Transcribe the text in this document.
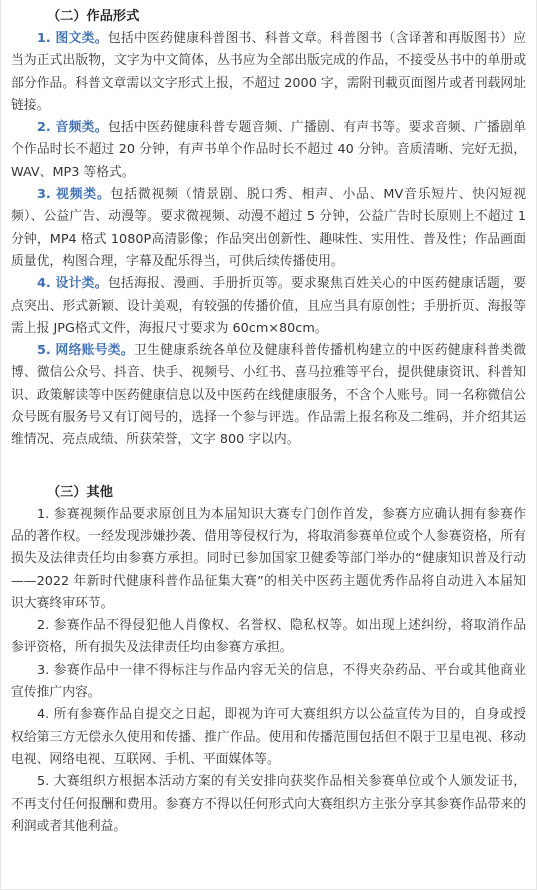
（二）作品形式

1. 图文类。包括中医药健康科普图书、科普文章。科普图书（含译著和再版图书）应当为正式出版物，文字为中文简体，丛书应为全部出版完成的作品，不接受丛书中的单册或部分作品。科普文章需以文字形式上报，不超过 2000 字，需附刊載页面图片或者刊载网址链接。

2. 音频类。包括中医药健康科普专题音频、广播剧、有声书等。要求音频、广播剧单个作品时长不超过 20 分钟，有声书单个作品时长不超过 40 分钟。音质清晰、完好无损，WAV、MP3 等格式。

3. 视频类。包括微视频（情景剧、脱口秀、相声、小品、MV音乐短片、快闪短视频）、公益广告、动漫等。要求微视频、动漫不超过 5 分钟，公益广告时长原则上不超过 1 分钟，MP4 格式 1080P高清影像；作品突出创新性、趣味性、实用性、普及性；作品画面质量优，构图合理，字幕及配乐得当，可供后续传播使用。

4. 设计类。包括海报、漫画、手册折页等。要求聚焦百姓关心的中医药健康话题，要点突出、形式新颖、设计美观，有较强的传播价值，且应当具有原创性；手册折页、海报等需上报 JPG格式文件，海报尺寸要求为 60cm×80cm。

5. 网络账号类。卫生健康系统各单位及健康科普传播机构建立的中医药健康科普类微博、微信公众号、抖音、快手、视频号、小红书、喜马拉雅等平台，提供健康资讯、科普知识、政策解读等中医药健康信息以及中医药在线健康服务，不含个人账号。同一名称微信公众号既有服务号又有订阅号的，选择一个参与评选。作品需上报名称及二维码，并介绍其运维情况、亮点成绩、所获荣誉，文字 800 字以内。

（三）其他

1. 参赛视频作品要求原创且为本届知识大赛专门创作首发，参赛方应确认拥有参赛作品的著作权。一经发现涉嫌抄袭、借用等侵权行为，将取消参赛单位或个人参赛资格，所有损失及法律责任均由参赛方承担。同时已参加国家卫健委等部门举办的“健康知识普及行动——2022 年新时代健康科普作品征集大赛”的相关中医药主题优秀作品将自动进入本届知识大赛终审环节。

2. 参赛作品不得侵犯他人肖像权、名誉权、隐私权等。如出现上述纠纷，将取消作品参评资格，所有损失及法律责任均由参赛方承担。

3. 参赛作品中一律不得标注与作品内容无关的信息，不得夹杂药品、平台或其他商业宣传推广内容。

4. 所有参赛作品自提交之日起，即视为许可大赛组织方以公益宣传为目的，自身或授权给第三方无偿永久使用和传播、推广作品。使用和传播范围包括但不限于卫星电视、移动电视、网络电视、互联网、手机、平面媒体等。

5. 大赛组织方根据本活动方案的有关安排向获奖作品相关参赛单位或个人颁发证书，不再支付任何报酬和费用。参赛方不得以任何形式向大赛组织方主张分享其参赛作品带来的利润或者其他利益。
